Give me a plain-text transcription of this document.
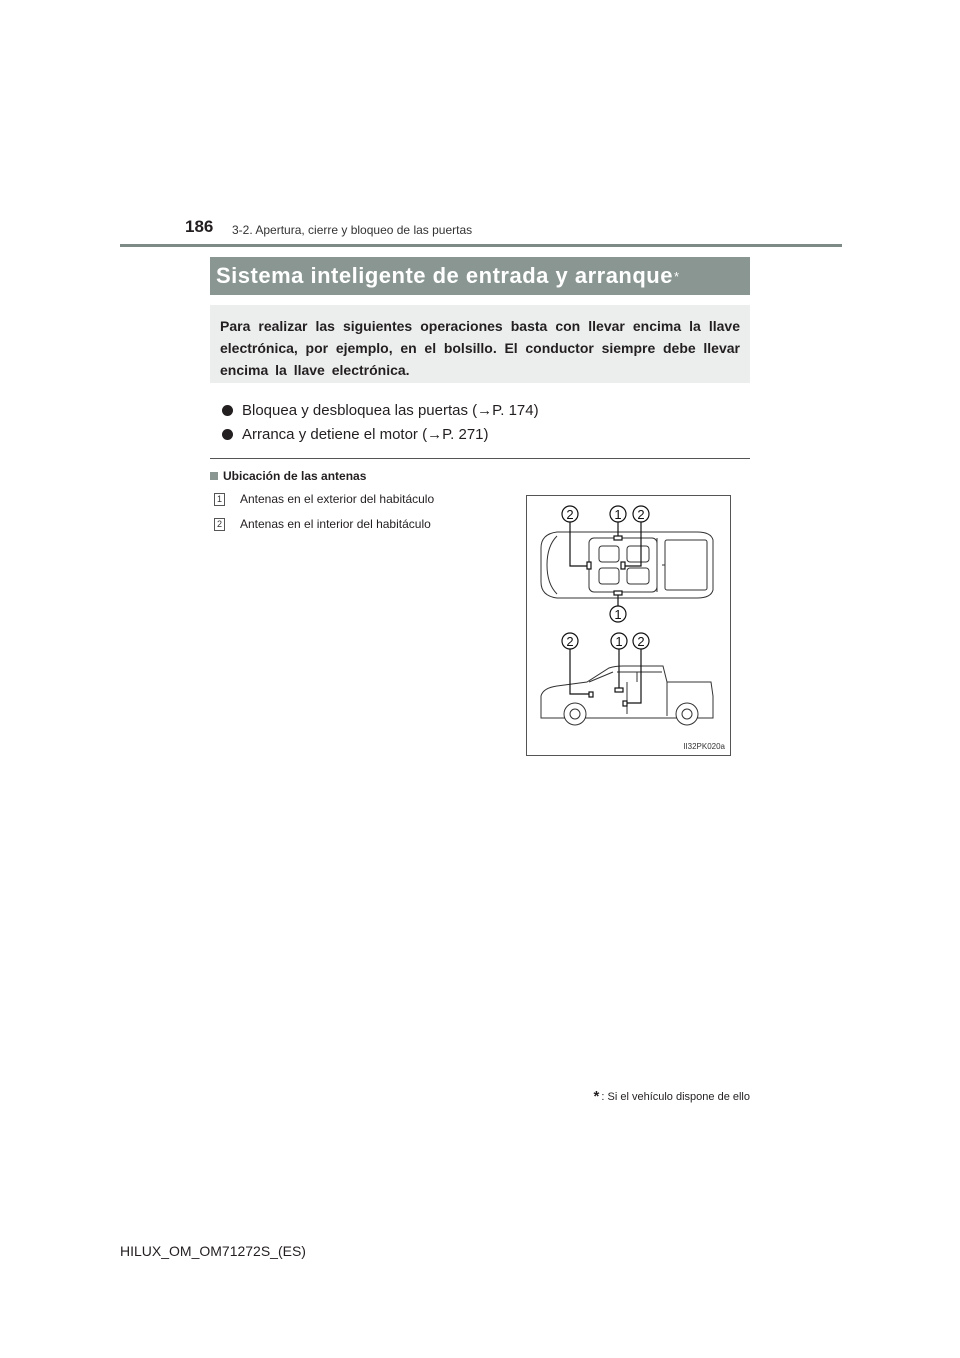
186 3-2. Apertura, cierre y bloqueo de las puertas
Sistema inteligente de entrada y arranque *
Para realizar las siguientes operaciones basta con llevar encima la llave electrónica, por ejemplo, en el bolsillo. El conductor siempre debe llevar encima la llave electrónica.
Bloquea y desbloquea las puertas (→P. 174)
Arranca y detiene el motor (→P. 271)
Ubicación de las antenas
1 Antenas en el exterior del habitáculo
2 Antenas en el interior del habitáculo
2	1 2
1
2	1 2
II32PK020a
* : Si el vehículo dispone de ello
HILUX_OM_OM71272S_(ES)
